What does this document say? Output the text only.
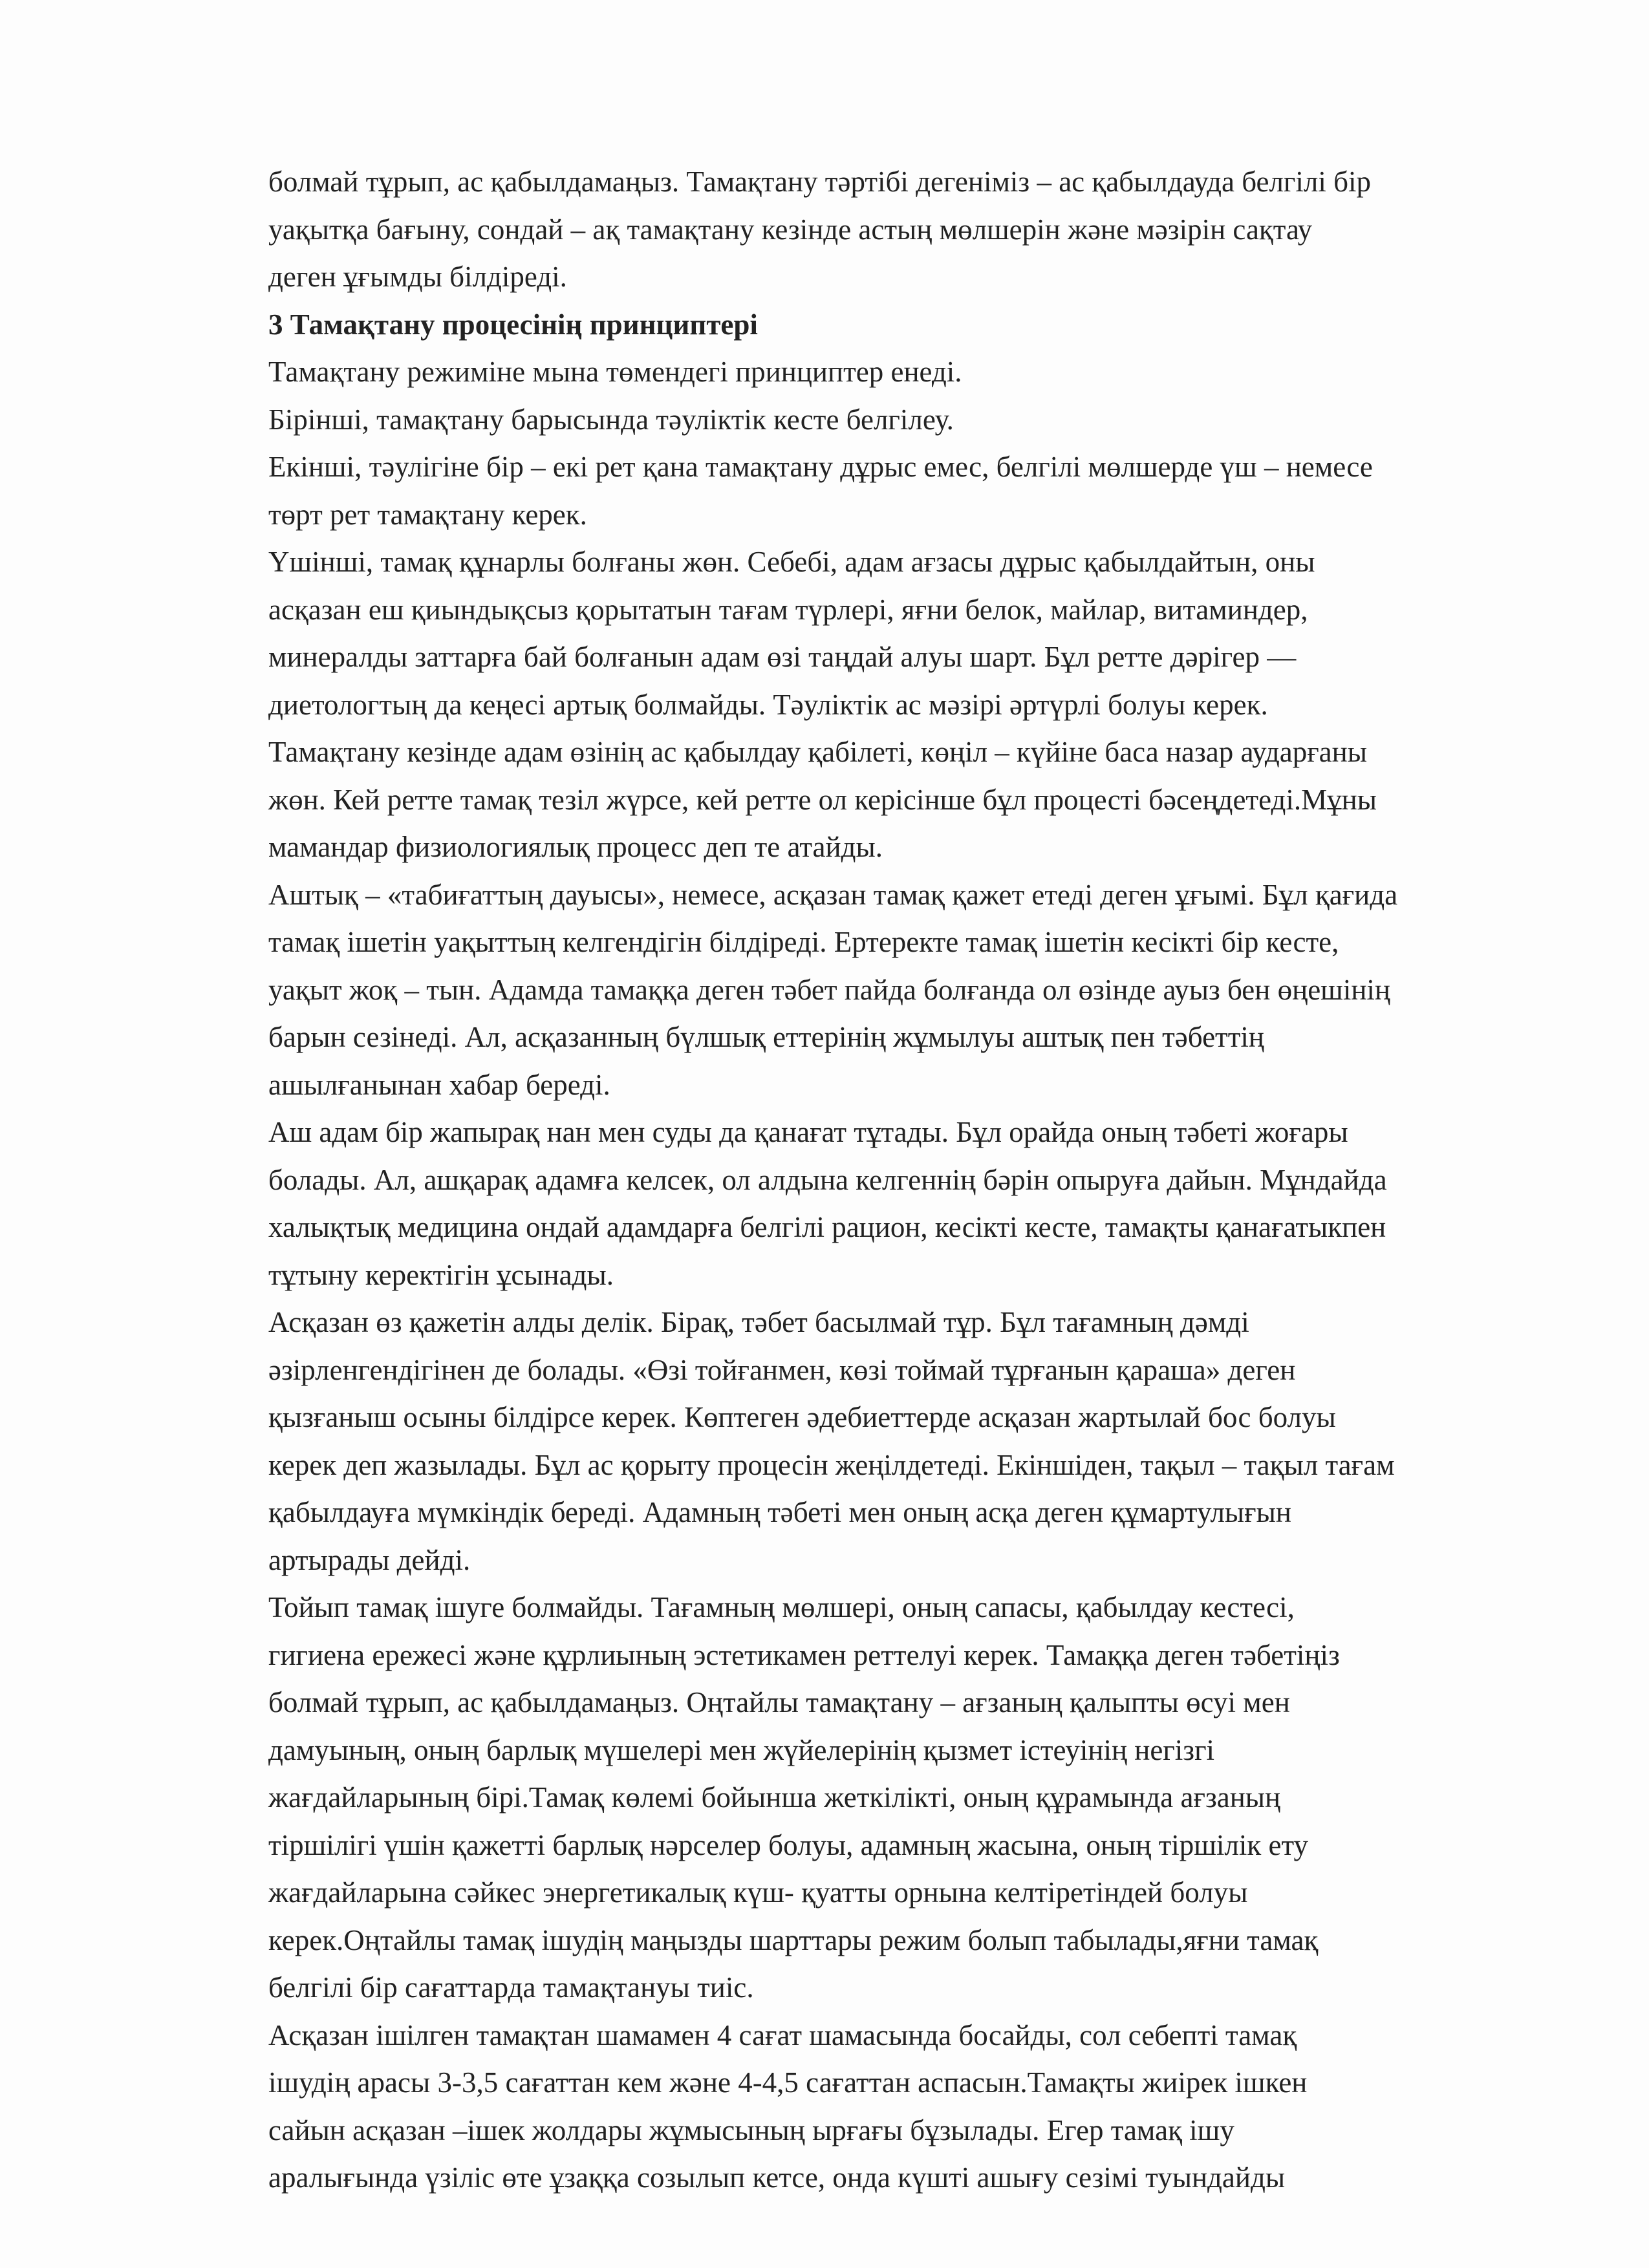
болмай тұрып, ас қабылдамаңыз. Тамақтану тәртібі дегеніміз – ас қабылдауда белгілі бір
уақытқа бағыну, сондай – ақ тамақтану кезінде астың мөлшерін және мәзірін сақтау
деген ұғымды білдіреді.
3 Тамақтану процесінің принциптері
Тамақтану режиміне мына төмендегі принциптер енеді.
Бірінші, тамақтану барысында тәуліктік кесте белгілеу.
Екінші, тәулігіне бір – екі рет қана тамақтану дұрыс емес, белгілі мөлшерде үш – немесе
төрт рет тамақтану керек.
Үшінші, тамақ құнарлы болғаны жөн. Себебі, адам ағзасы дұрыс қабылдайтын, оны
асқазан еш қиындықсыз қорытатын тағам түрлері, яғни белок, майлар, витаминдер,
минералды заттарға бай болғанын адам өзі таңдай алуы шарт. Бұл ретте дәрігер —
диетологтың да кеңесі артық болмайды. Тәуліктік ас мәзірі әртүрлі болуы керек.
Тамақтану кезінде адам өзінің ас қабылдау қабілеті, көңіл – күйіне баса назар аударғаны
жөн. Кей ретте тамақ тезіл жүрсе, кей ретте ол керісінше бұл процесті бәсеңдетеді.Мұны
мамандар физиологиялық процесс деп те атайды.
Аштық – «табиғаттың дауысы», немесе, асқазан тамақ қажет етеді деген ұғымі. Бұл қағида
тамақ ішетін уақыттың келгендігін білдіреді. Ертеректе тамақ ішетін кесікті бір кесте,
уақыт жоқ – тын. Адамда тамаққа деген тәбет пайда болғанда ол өзінде ауыз бен өңешінің
барын сезінеді. Ал, асқазанның бүлшық еттерінің жұмылуы аштық пен тәбеттің
ашылғанынан хабар береді.
Аш адам бір жапырақ нан мен суды да қанағат тұтады. Бұл орайда оның тәбеті жоғары
болады. Ал, ашқарақ адамға келсек, ол алдына келгеннің бәрін опыруға дайын. Мұндайда
халықтық медицина ондай адамдарға белгілі рацион, кесікті кесте, тамақты қанағатыкпен
тұтыну керектігін ұсынады.
Асқазан өз қажетін алды делік. Бірақ, тәбет басылмай тұр. Бұл тағамның дәмді
әзірленгендігінен де болады. «Өзі тойғанмен, көзі тоймай тұрғанын қараша» деген
қызғаныш осыны білдірсе керек. Көптеген әдебиеттерде асқазан жартылай бос болуы
керек деп жазылады. Бұл ас қорыту процесін жеңілдетеді. Екіншіден, тақыл – тақыл тағам
қабылдауға мүмкіндік береді. Адамның тәбеті мен оның асқа деген құмартулығын
артырады дейді.
Тойып тамақ ішуге болмайды. Тағамның мөлшері, оның сапасы, қабылдау кестесі,
гигиена ережесі және құрлиының эстетикамен реттелуі керек. Тамаққа деген тәбетіңіз
болмай тұрып, ас қабылдамаңыз. Оңтайлы тамақтану – ағзаның қалыпты өсуі мен
дамуының, оның барлық мүшелері мен жүйелерінің қызмет істеуінің негізгі
жағдайларының бірі.Тамақ көлемі бойынша жеткілікті, оның құрамында ағзаның
тіршілігі үшін қажетті барлық нәрселер болуы, адамның жасына, оның тіршілік ету
жағдайларына сәйкес энергетикалық күш- қуатты орнына келтіретіндей болуы
керек.Оңтайлы тамақ ішудің маңызды шарттары режим болып табылады,яғни тамақ
белгілі бір сағаттарда тамақтануы тиіс.
Асқазан ішілген тамақтан шамамен 4 сағат шамасында босайды, сол себепті тамақ
ішудің арасы 3-3,5 сағаттан кем және 4-4,5 сағаттан аспасын.Тамақты жиірек ішкен
сайын асқазан –ішек жолдары жұмысының ырғағы бұзылады. Егер тамақ ішу
аралығында үзіліс өте ұзаққа созылып кетсе, онда күшті ашығу сезімі туындайды
